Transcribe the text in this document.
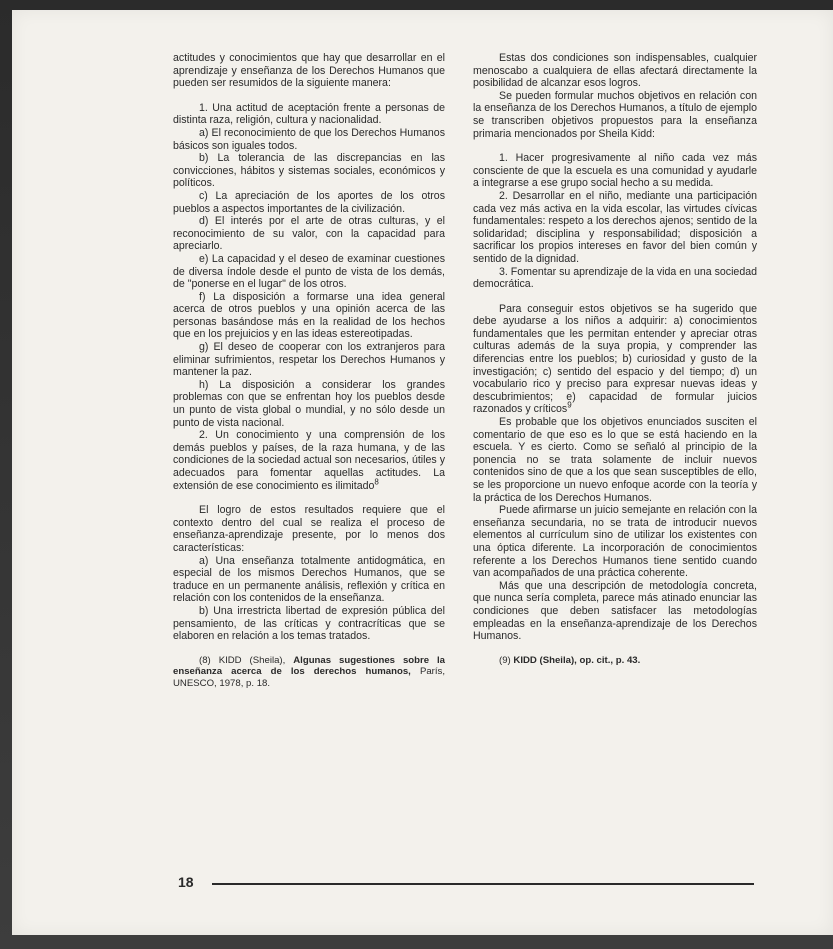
actitudes y conocimientos que hay que desarrollar en el aprendizaje y enseñanza de los Derechos Humanos que pueden ser resumidos de la siguiente manera:

1. Una actitud de aceptación frente a personas de distinta raza, religión, cultura y nacionalidad.

a) El reconocimiento de que los Derechos Humanos básicos son iguales todos.

b) La tolerancia de las discrepancias en las convicciones, hábitos y sistemas sociales, económicos y políticos.

c) La apreciación de los aportes de los otros pueblos a aspectos importantes de la civilización.

d) El interés por el arte de otras culturas, y el reconocimiento de su valor, con la capacidad para apreciarlo.

e) La capacidad y el deseo de examinar cuestiones de diversa índole desde el punto de vista de los demás, de "ponerse en el lugar" de los otros.

f) La disposición a formarse una idea general acerca de otros pueblos y una opinión acerca de las personas basándose más en la realidad de los hechos que en los prejuicios y en las ideas estereotipadas.

g) El deseo de cooperar con los extranjeros para eliminar sufrimientos, respetar los Derechos Humanos y mantener la paz.

h) La disposición a considerar los grandes problemas con que se enfrentan hoy los pueblos desde un punto de vista global o mundial, y no sólo desde un punto de vista nacional.

2. Un conocimiento y una comprensión de los demás pueblos y países, de la raza humana, y de las condiciones de la sociedad actual son necesarios, útiles y adecuados para fomentar aquellas actitudes. La extensión de ese conocimiento es ilimitado$^8$

El logro de estos resultados requiere que el contexto dentro del cual se realiza el proceso de enseñanza-aprendizaje presente, por lo menos dos características:

a) Una enseñanza totalmente antidogmática, en especial de los mismos Derechos Humanos, que se traduce en un permanente análisis, reflexión y crítica en relación con los contenidos de la enseñanza.

b) Una irrestricta libertad de expresión pública del pensamiento, de las críticas y contracríticas que se elaboren en relación a los temas tratados.

(8) KIDD (Sheila), Algunas sugestiones sobre la enseñanza acerca de los derechos humanos, París, UNESCO, 1978, p. 18.

Estas dos condiciones son indispensables, cualquier menoscabo a cualquiera de ellas afectará directamente la posibilidad de alcanzar esos logros.

Se pueden formular muchos objetivos en relación con la enseñanza de los Derechos Humanos, a título de ejemplo se transcriben objetivos propuestos para la enseñanza primaria mencionados por Sheila Kidd:

1. Hacer progresivamente al niño cada vez más consciente de que la escuela es una comunidad y ayudarle a integrarse a ese grupo social hecho a su medida.

2. Desarrollar en el niño, mediante una participación cada vez más activa en la vida escolar, las virtudes cívicas fundamentales: respeto a los derechos ajenos; sentido de la solidaridad; disciplina y responsabilidad; disposición a sacrificar los propios intereses en favor del bien común y sentido de la dignidad.

3. Fomentar su aprendizaje de la vida en una sociedad democrática.

Para conseguir estos objetivos se ha sugerido que debe ayudarse a los niños a adquirir: a) conocimientos fundamentales que les permitan entender y apreciar otras culturas además de la suya propia, y comprender las diferencias entre los pueblos; b) curiosidad y gusto de la investigación; c) sentido del espacio y del tiempo; d) un vocabulario rico y preciso para expresar nuevas ideas y descubrimientos; e) capacidad de formular juicios razonados y críticos$^9$

Es probable que los objetivos enunciados susciten el comentario de que eso es lo que se está haciendo en la escuela. Y es cierto. Como se señaló al principio de la ponencia no se trata solamente de incluir nuevos contenidos sino de que a los que sean susceptibles de ello, se les proporcione un nuevo enfoque acorde con la teoría y la práctica de los Derechos Humanos.

Puede afirmarse un juicio semejante en relación con la enseñanza secundaria, no se trata de introducir nuevos elementos al currículum sino de utilizar los existentes con una óptica diferente. La incorporación de conocimientos referente a los Derechos Humanos tiene sentido cuando van acompañados de una práctica coherente.

Más que una descripción de metodología concreta, que nunca sería completa, parece más atinado enunciar las condiciones que deben satisfacer las metodologías empleadas en la enseñanza-aprendizaje de los Derechos Humanos.

(9) KIDD (Sheila), op. cit., p. 43.

18
